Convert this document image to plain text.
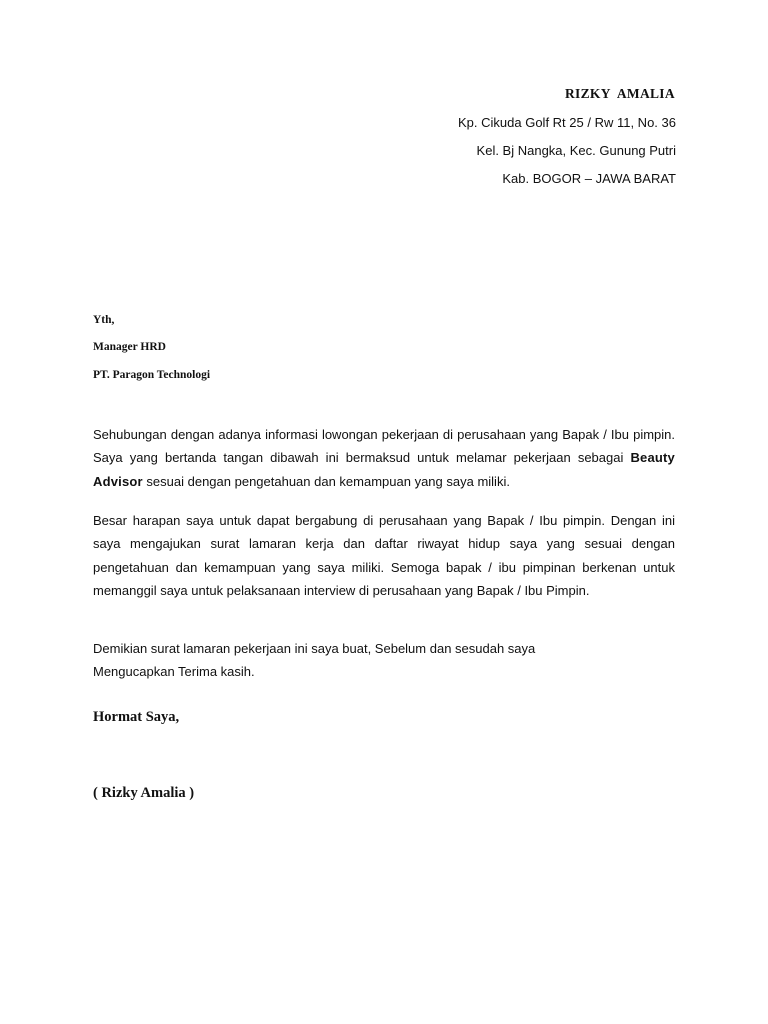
RIZKY  AMALIA
Kp. Cikuda Golf Rt 25 / Rw 11, No. 36
Kel. Bj Nangka, Kec. Gunung Putri
Kab. BOGOR – JAWA BARAT
Yth,
Manager HRD
PT. Paragon Technologi

Sehubungan dengan adanya informasi lowongan pekerjaan di perusahaan yang Bapak / Ibu pimpin. Saya yang bertanda tangan dibawah ini bermaksud untuk melamar pekerjaan sebagai Beauty Advisor sesuai dengan pengetahuan dan kemampuan yang saya miliki.

Besar harapan saya untuk dapat bergabung di perusahaan yang Bapak / Ibu pimpin. Dengan ini saya mengajukan surat lamaran kerja dan daftar riwayat hidup saya yang sesuai dengan pengetahuan dan kemampuan yang saya miliki. Semoga bapak / ibu pimpinan berkenan untuk memanggil saya untuk pelaksanaan interview di perusahaan yang Bapak / Ibu Pimpin.

Demikian surat lamaran pekerjaan ini saya buat, Sebelum dan sesudah saya
Mengucapkan Terima kasih.

Hormat Saya,
( Rizky Amalia )
